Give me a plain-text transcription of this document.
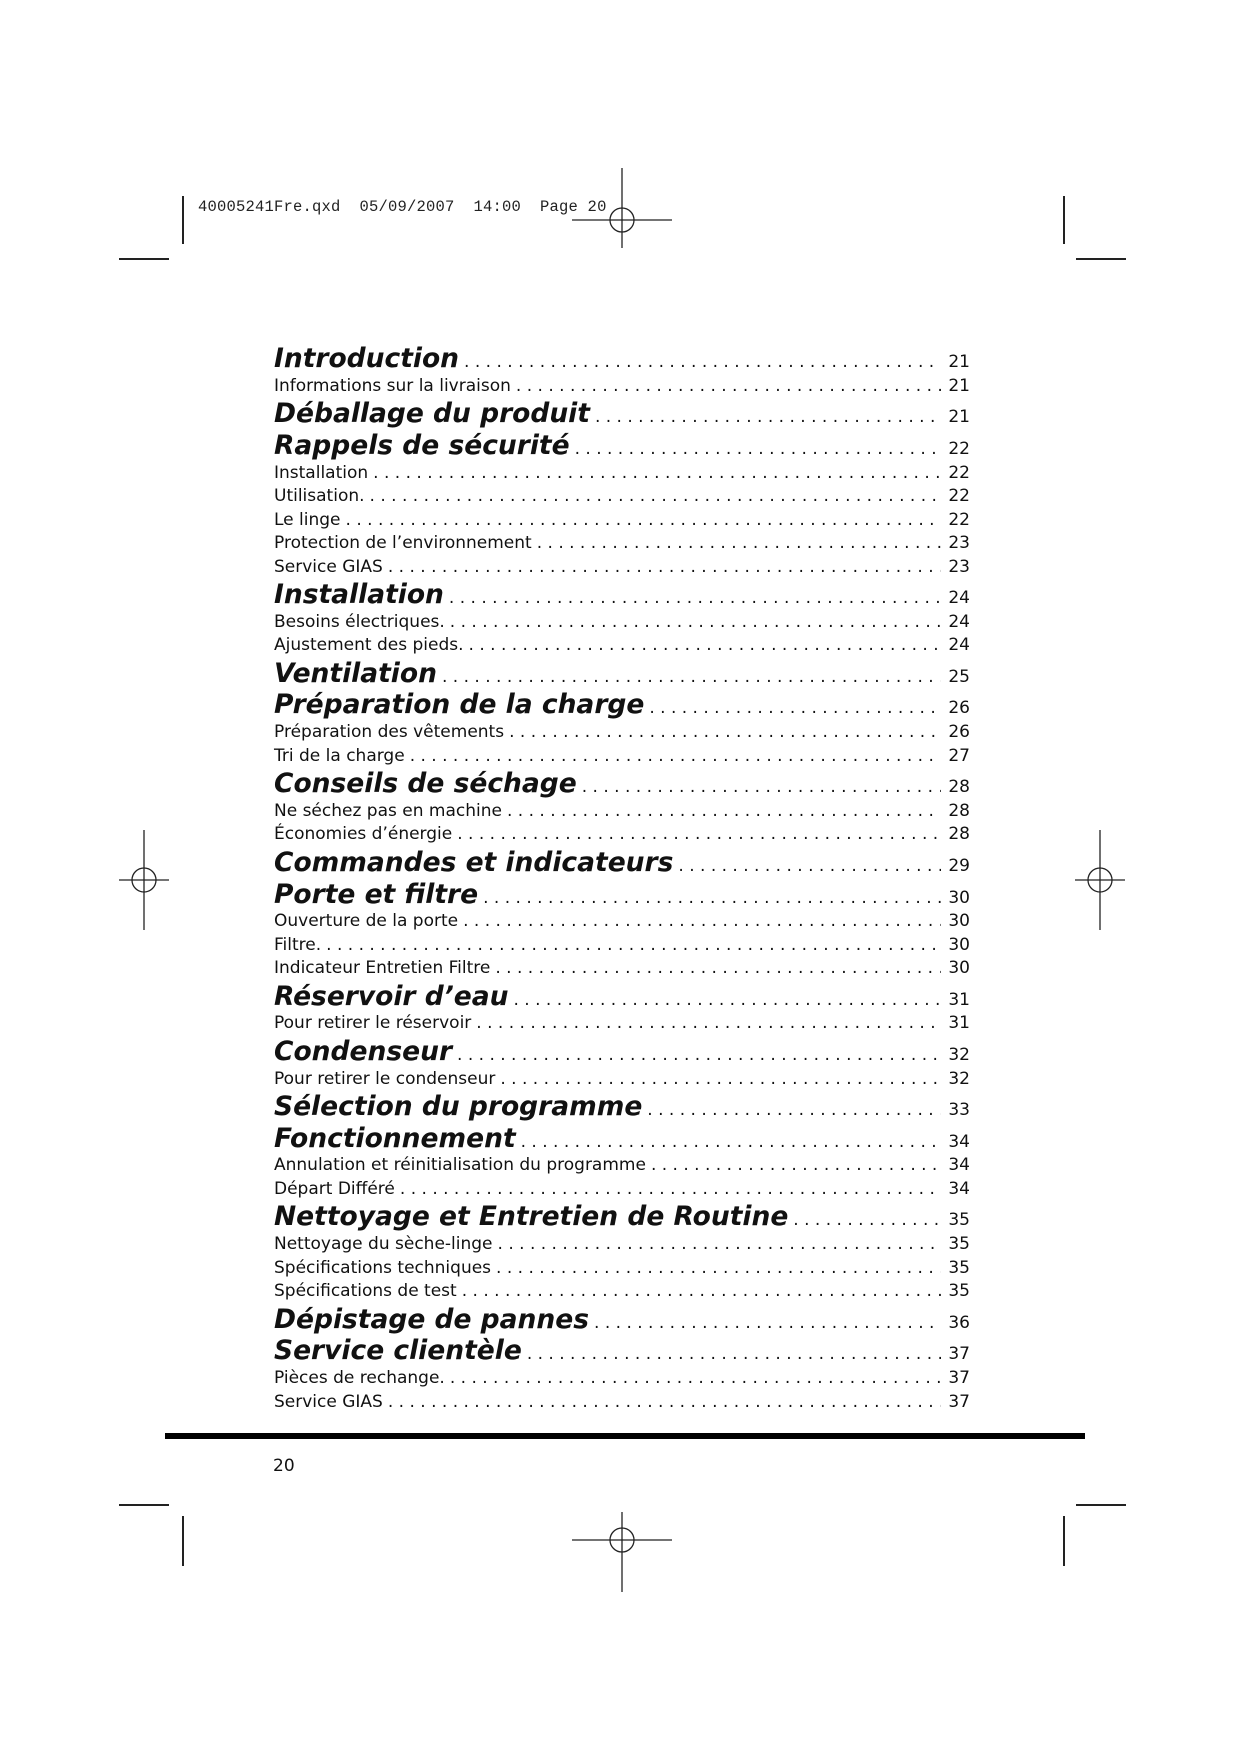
40005241Fre.qxd  05/09/2007  14:00  Page 20
Introduction . . .	21
Informations sur la livraison . . .	21
Déballage du produit . . .	21
Rappels de sécurité . . .	22
Installation . . .	22
Utilisation. . . .	22
Le linge . . .	22
Protection de l’environnement . . .	23
Service GIAS . . .	23
Installation . . .	24
Besoins électriques. . . .	24
Ajustement des pieds. . . .	24
Ventilation . . .	25
Préparation de la charge . . .	26
Préparation des vêtements . . .	26
Tri de la charge . . .	27
Conseils de séchage . . .	28
Ne séchez pas en machine . . .	28
Économies d’énergie . . .	28
Commandes et indicateurs . . .	29
Porte et filtre . . .	30
Ouverture de la porte . . .	30
Filtre. . . .	30
Indicateur Entretien Filtre . . .	30
Réservoir d’eau . . .	31
Pour retirer le réservoir . . .	31
Condenseur . . .	32
Pour retirer le condenseur . . .	32
Sélection du programme . . .	33
Fonctionnement . . .	34
Annulation et réinitialisation du programme . . .	34
Départ Différé . . .	34
Nettoyage et Entretien de Routine . . .	35
Nettoyage du sèche-linge . . .	35
Spécifications techniques . . .	35
Spécifications de test . . .	35
Dépistage de pannes . . .	36
Service clientèle . . .	37
Pièces de rechange. . . .	37
Service GIAS . . .	37
20
